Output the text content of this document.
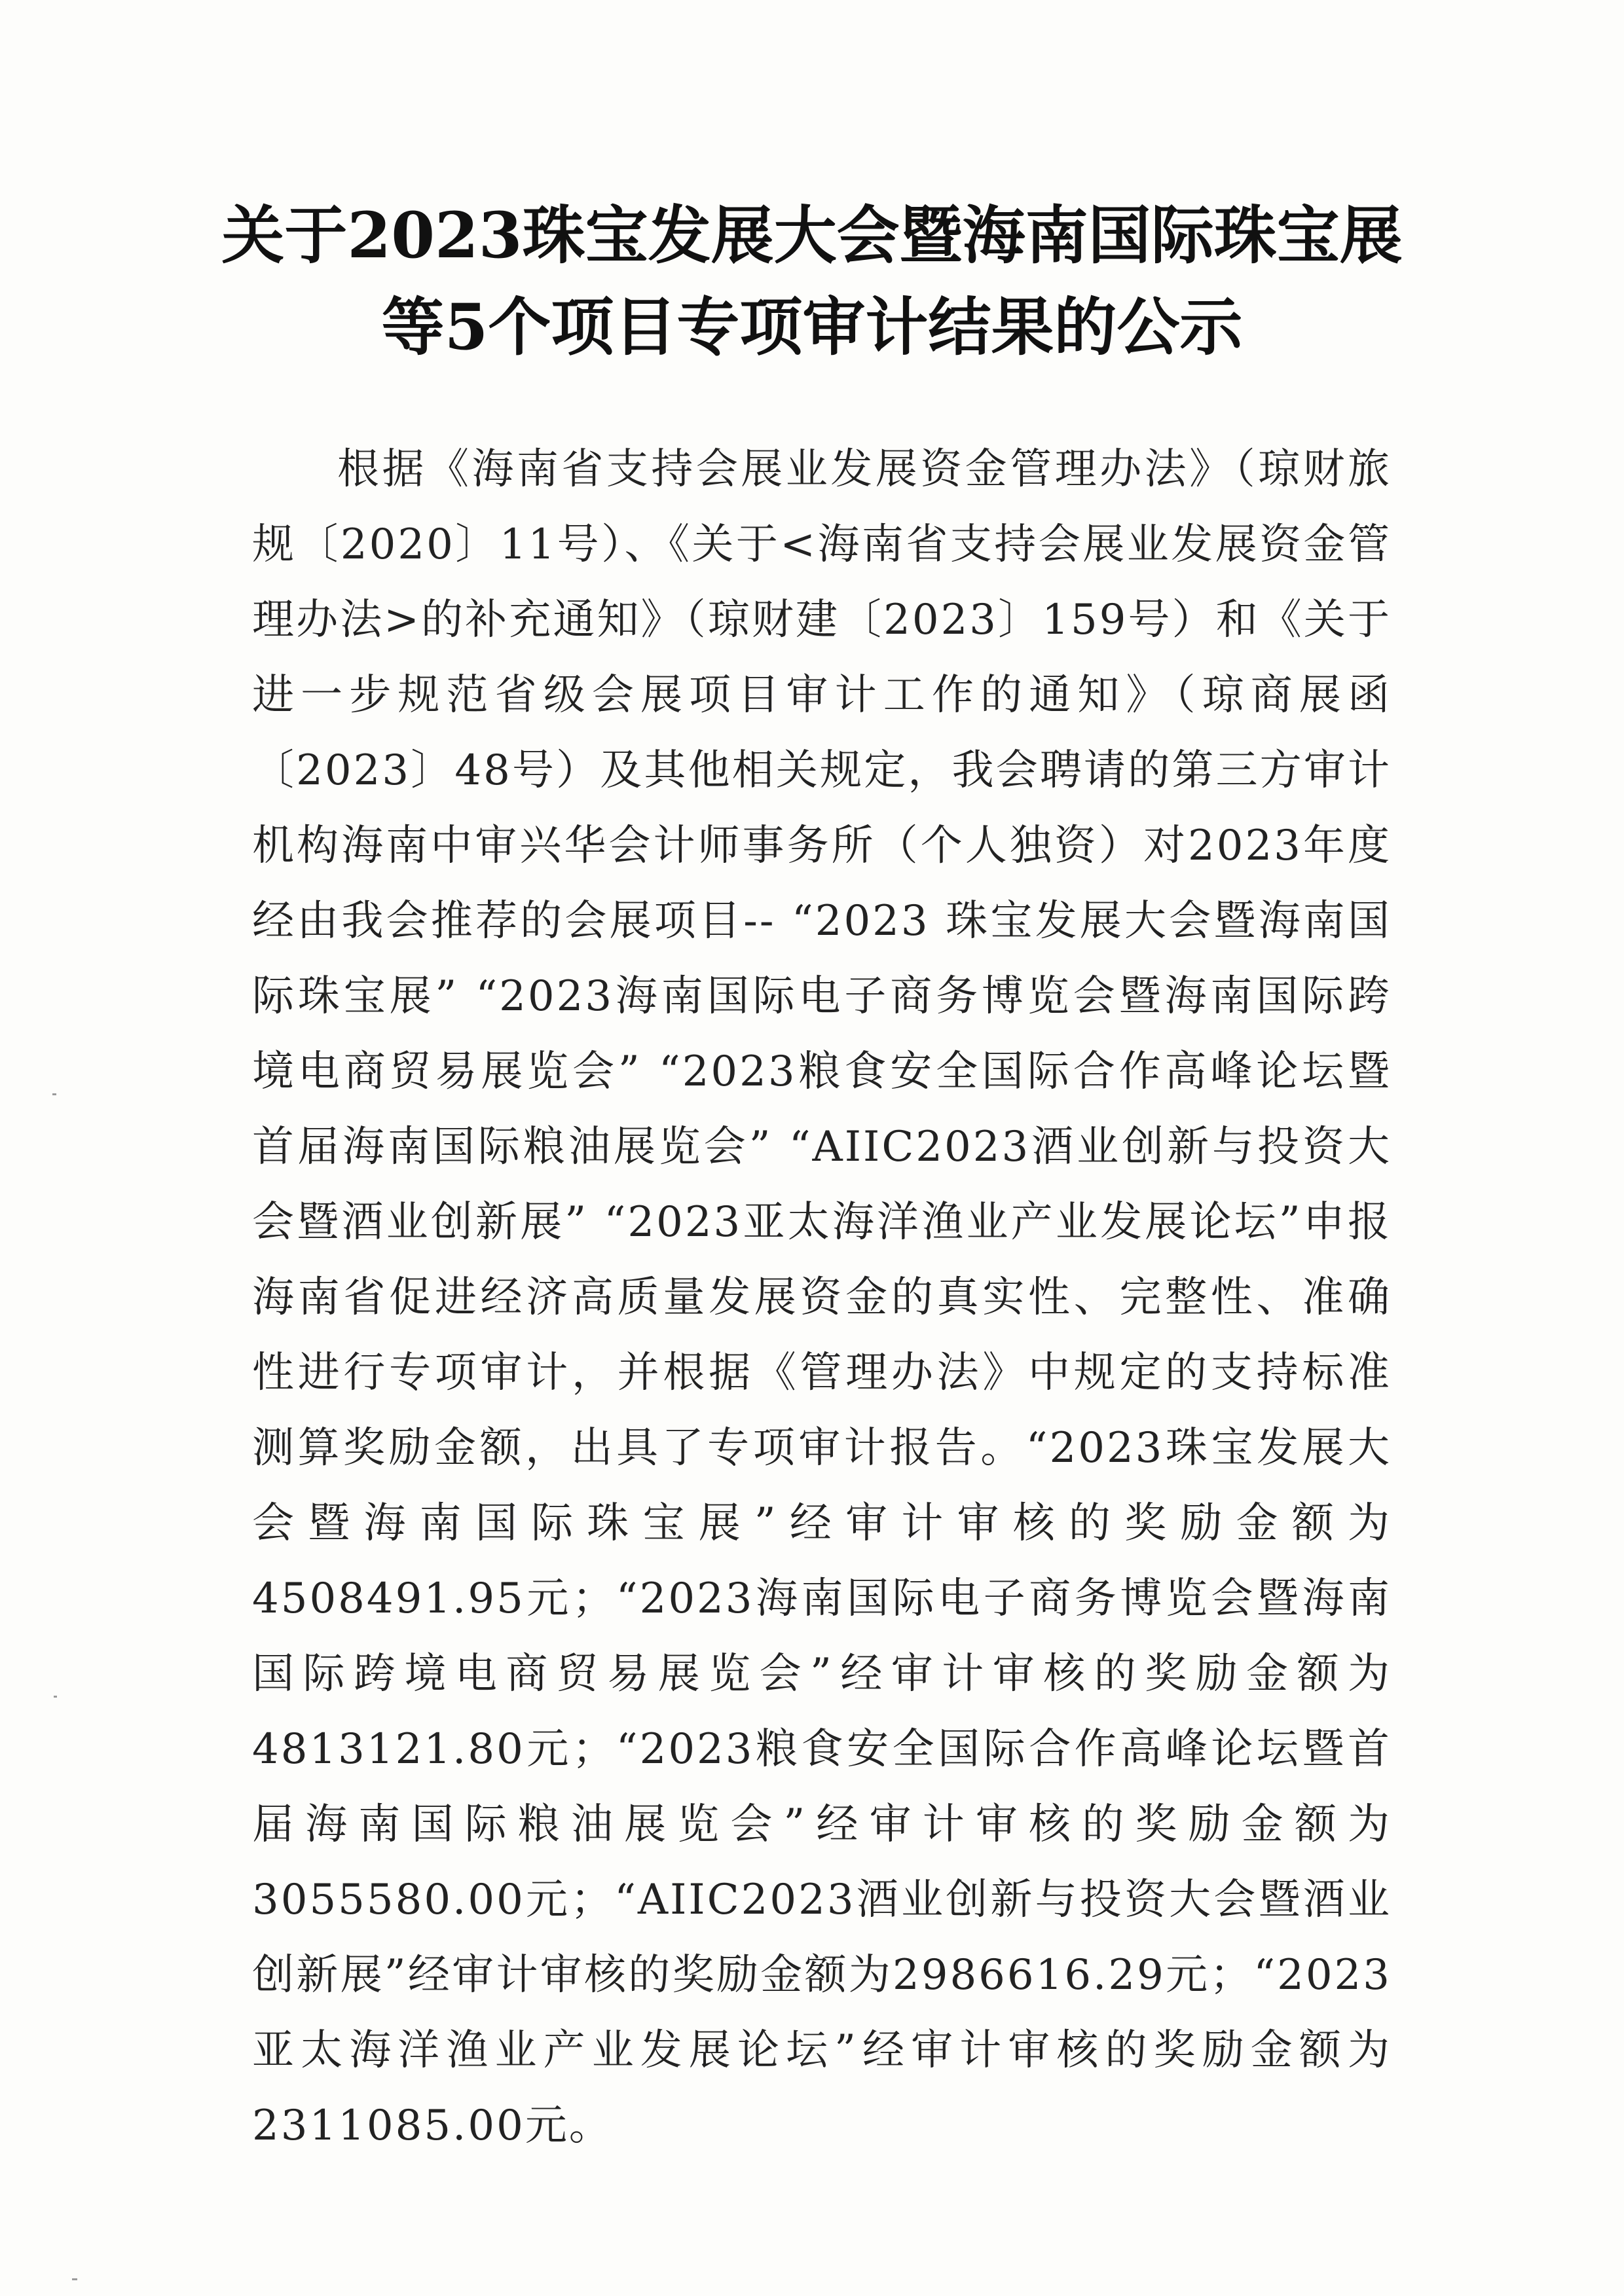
关于2023珠宝发展大会暨海南国际珠宝展
等5个项目专项审计结果的公示
根据《海南省支持会展业发展资金管理办法》（琼财旅规〔2020〕11号）、《关于<海南省支持会展业发展资金管理办法>的补充通知》（琼财建〔2023〕159号）和《关于进一步规范省级会展项目审计工作的通知》（琼商展函〔2023〕48号）及其他相关规定，我会聘请的第三方审计机构海南中审兴华会计师事务所（个人独资）对2023年度经由我会推荐的会展项目-- “2023 珠宝发展大会暨海南国际珠宝展” “2023海南国际电子商务博览会暨海南国际跨境电商贸易展览会” “2023粮食安全国际合作高峰论坛暨首届海南国际粮油展览会” “AIIC2023酒业创新与投资大会暨酒业创新展” “2023亚太海洋渔业产业发展论坛”申报海南省促进经济高质量发展资金的真实性、完整性、准确性进行专项审计，并根据《管理办法》中规定的支持标准测算奖励金额，出具了专项审计报告。“2023珠宝发展大会暨海南国际珠宝展”经审计审核的奖励金额为4508491.95元；“2023海南国际电子商务博览会暨海南国际跨境电商贸易展览会”经审计审核的奖励金额为4813121.80元；“2023粮食安全国际合作高峰论坛暨首届海南国际粮油展览会”经审计审核的奖励金额为3055580.00元；“AIIC2023酒业创新与投资大会暨酒业创新展”经审计审核的奖励金额为2986616.29元；“2023亚太海洋渔业产业发展论坛”经审计审核的奖励金额为2311085.00元。
